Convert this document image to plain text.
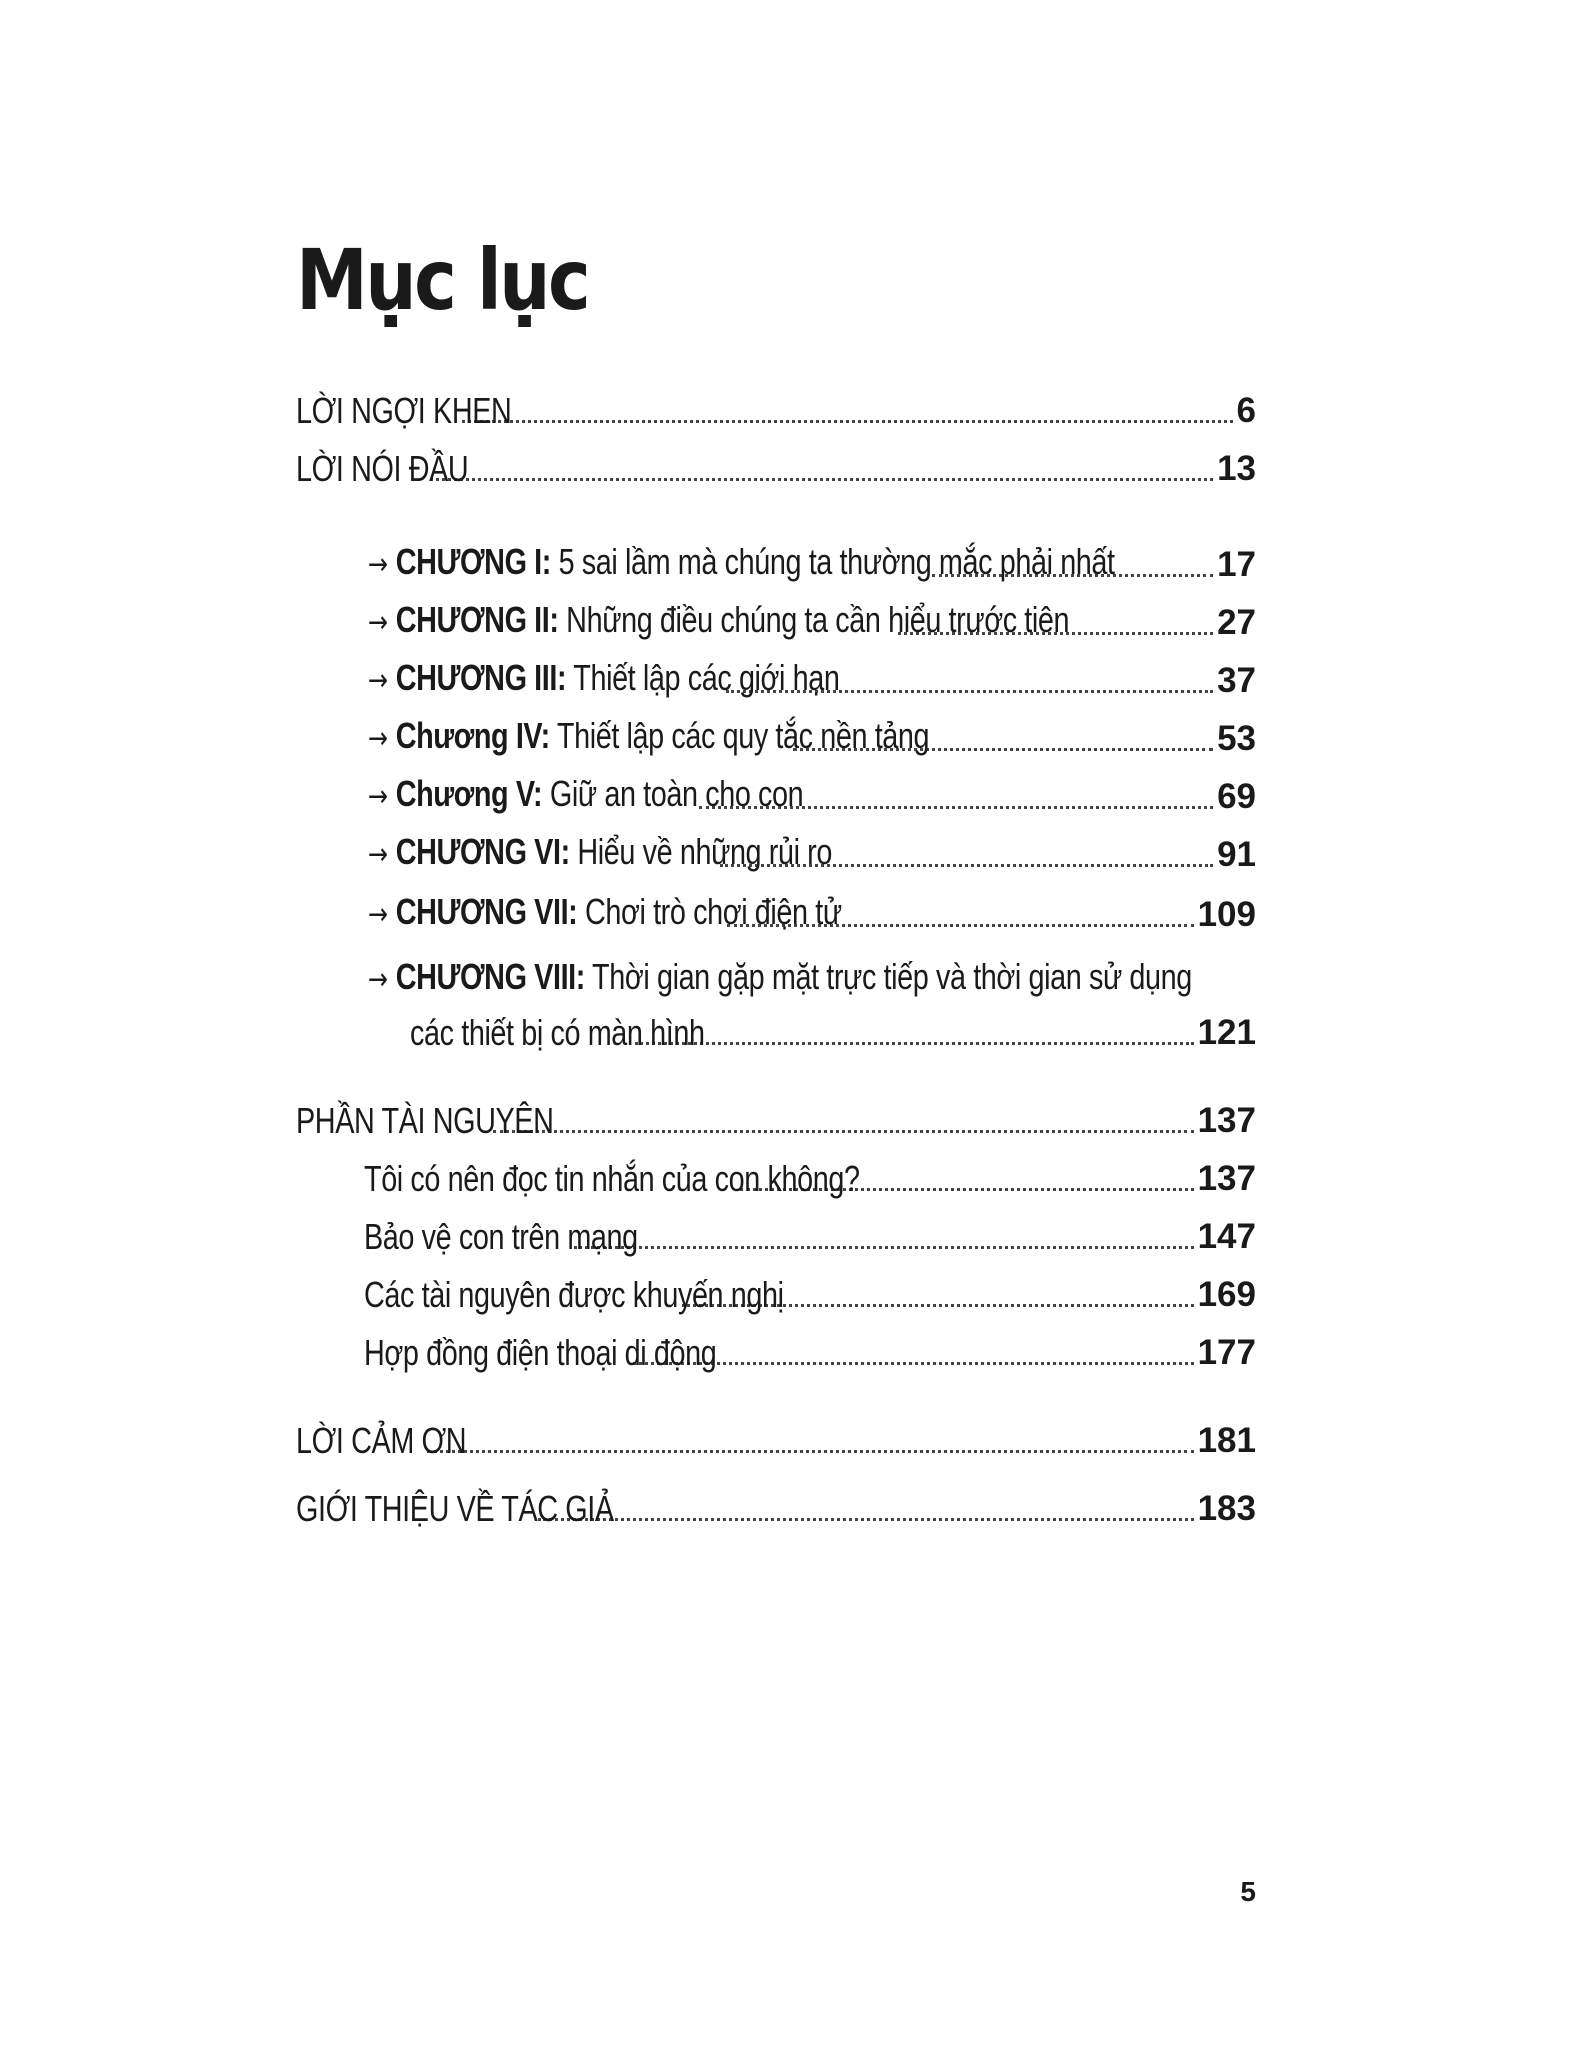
Mục lục
LỜI NGỢI KHEN	6
LỜI NÓI ĐẦU	13
→ CHƯƠNG I: 5 sai lầm mà chúng ta thường mắc phải nhất	17
→ CHƯƠNG II: Những điều chúng ta cần hiểu trước tiên	27
→ CHƯƠNG III: Thiết lập các giới hạn	37
→ Chương IV: Thiết lập các quy tắc nền tảng	53
→ Chương V: Giữ an toàn cho con	69
→ CHƯƠNG VI: Hiểu về những rủi ro	91
→ CHƯƠNG VII: Chơi trò chơi điện tử	109
→ CHƯƠNG VIII: Thời gian gặp mặt trực tiếp và thời gian sử dụng
các thiết bị có màn hình	121
PHẦN TÀI NGUYÊN	137
Tôi có nên đọc tin nhắn của con không?	137
Bảo vệ con trên mạng	147
Các tài nguyên được khuyến nghị	169
Hợp đồng điện thoại di động	177
LỜI CẢM ƠN	181
GIỚI THIỆU VỀ TÁC GIẢ	183
5
